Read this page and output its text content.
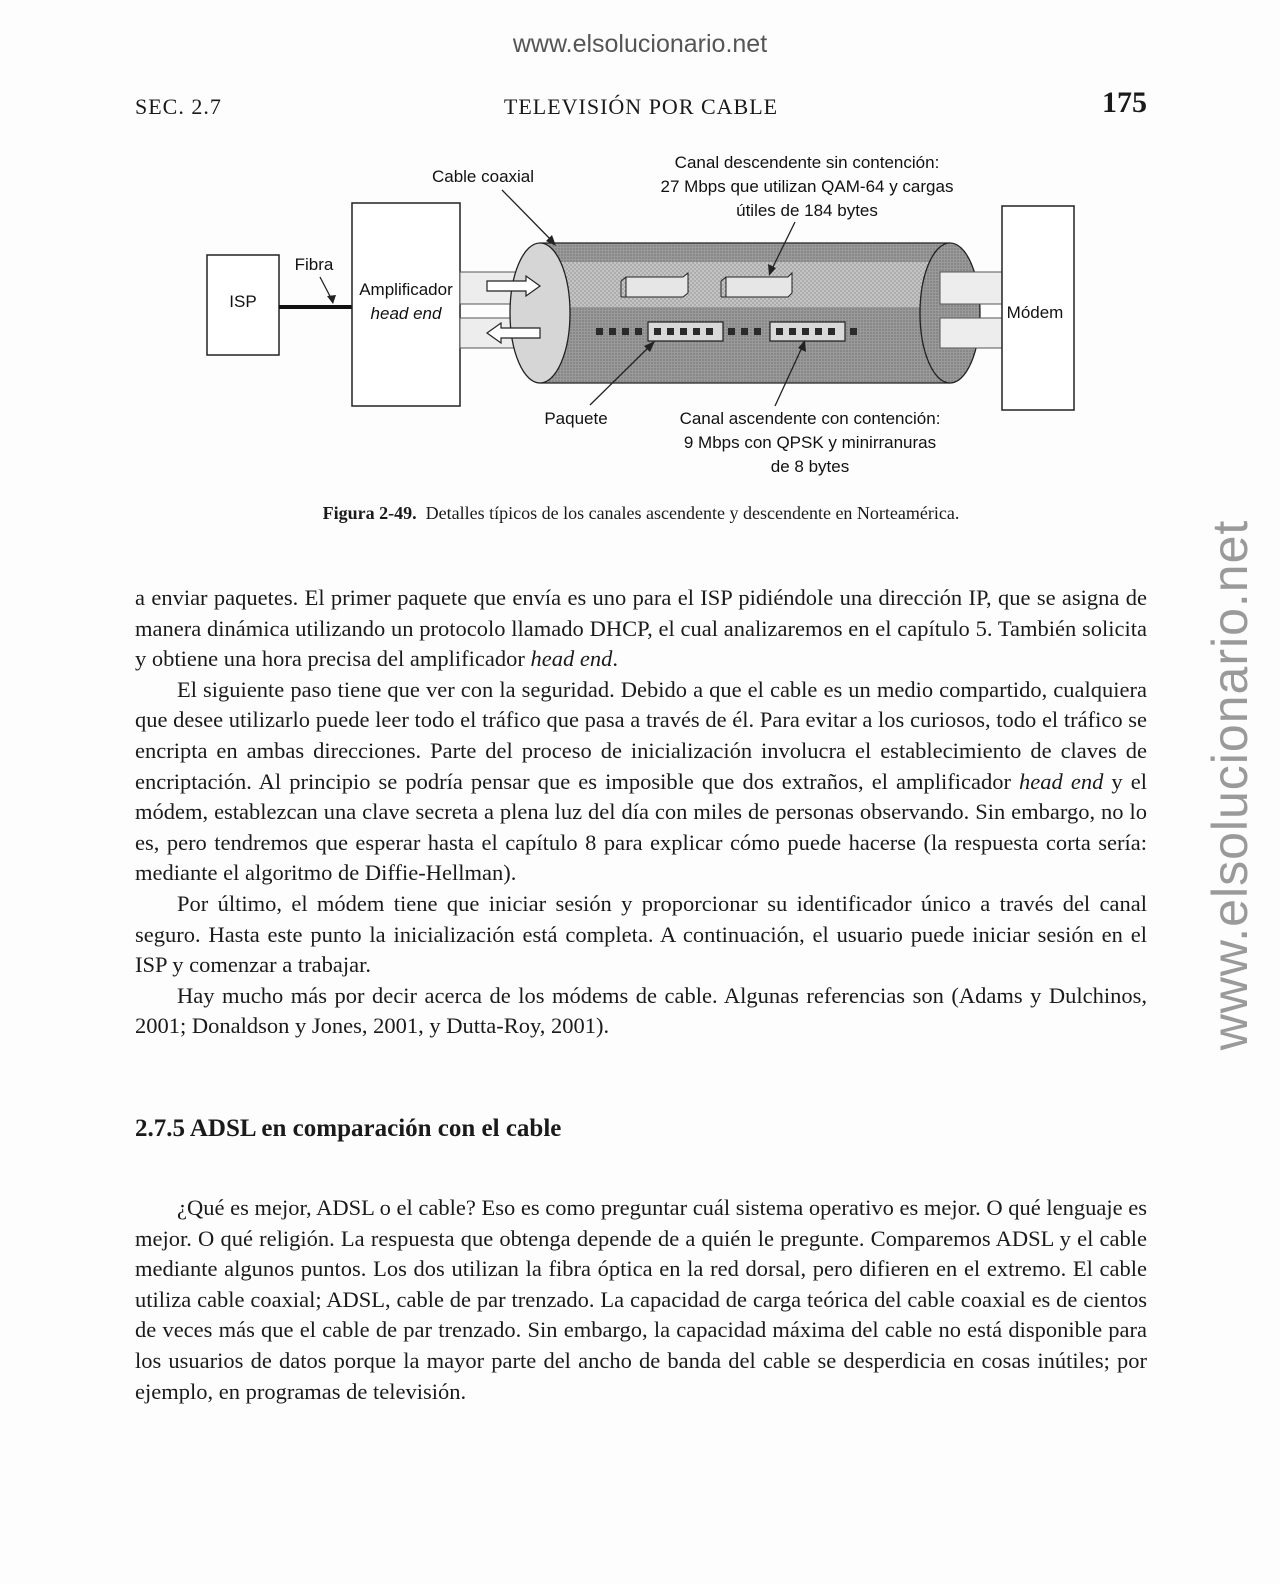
www.elsolucionario.net
www.elsolucionario.net
SEC. 2.7	TELEVISIÓN POR CABLE	175
ISP
Fibra
Amplificador
head end	Módem
Cable coaxial
Canal descendente sin contención:
27 Mbps que utilizan QAM-64 y cargas
útiles de 184 bytes
Paquete	Canal ascendente con contención:
9 Mbps con QPSK y minirranuras
de 8 bytes
Figura 2-49. Detalles típicos de los canales ascendente y descendente en Norteamérica.

a enviar paquetes. El primer paquete que envía es uno para el ISP pidiéndole una dirección IP, que se asigna de manera dinámica utilizando un protocolo llamado DHCP, el cual analizaremos en el capítulo 5. También solicita y obtiene una hora precisa del amplificador head end.

El siguiente paso tiene que ver con la seguridad. Debido a que el cable es un medio compartido, cualquiera que desee utilizarlo puede leer todo el tráfico que pasa a través de él. Para evitar a los curiosos, todo el tráfico se encripta en ambas direcciones. Parte del proceso de inicialización involucra el establecimiento de claves de encriptación. Al principio se podría pensar que es imposible que dos extraños, el amplificador head end y el módem, establezcan una clave secreta a plena luz del día con miles de personas observando. Sin embargo, no lo es, pero tendremos que esperar hasta el capítulo 8 para explicar cómo puede hacerse (la respuesta corta sería: mediante el algoritmo de Diffie-Hellman).

Por último, el módem tiene que iniciar sesión y proporcionar su identificador único a través del canal seguro. Hasta este punto la inicialización está completa. A continuación, el usuario puede iniciar sesión en el ISP y comenzar a trabajar.

Hay mucho más por decir acerca de los módems de cable. Algunas referencias son (Adams y Dulchinos, 2001; Donaldson y Jones, 2001, y Dutta-Roy, 2001).

2.7.5 ADSL en comparación con el cable

¿Qué es mejor, ADSL o el cable? Eso es como preguntar cuál sistema operativo es mejor. O qué lenguaje es mejor. O qué religión. La respuesta que obtenga depende de a quién le pregunte. Comparemos ADSL y el cable mediante algunos puntos. Los dos utilizan la fibra óptica en la red dorsal, pero difieren en el extremo. El cable utiliza cable coaxial; ADSL, cable de par trenzado. La capacidad de carga teórica del cable coaxial es de cientos de veces más que el cable de par trenzado. Sin embargo, la capacidad máxima del cable no está disponible para los usuarios de datos porque la mayor parte del ancho de banda del cable se desperdicia en cosas inútiles; por ejemplo, en programas de televisión.
